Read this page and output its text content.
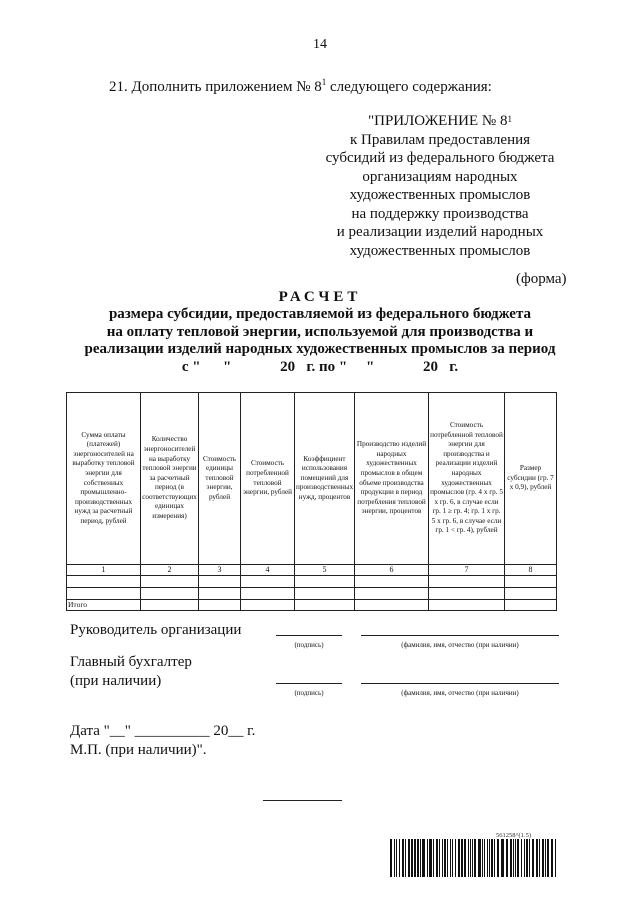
14
21. Дополнить приложением № $8^1$ следующего содержания:
"ПРИЛОЖЕНИЕ № $8^1$
к Правилам предоставления
субсидий из федерального бюджета
организациям народных
художественных промыслов
на поддержку производства
и реализации изделий народных
художественных промыслов
(форма)
РАСЧЕТ
размера субсидии, предоставляемой из федерального бюджета
на оплату тепловой энергии, используемой для производства и
реализации изделий народных художественных промыслов за период
с "      "             20   г. по "     "             20   г.
Сумма оплаты (платежей) энергоносителей на выработку тепловой энергии для собственных промышленно-производственных нужд за расчетный период, рублей	Количество энергоносителей на выработку тепловой энергии за расчетный период (в соответствующих единицах измерения)	Стоимость единицы тепловой энергии, рублей	Стоимость потребленной тепловой энергии, рублей	Коэффициент использования помещений для производственных нужд, процентов	Производство изделий народных художественных промыслов в общем объеме производства продукции в период потребления тепловой энергии, процентов	Стоимость потребленной тепловой энергии для производства и реализации изделий народных художественных промыслов (гр. 4 х гр. 5 х гр. 6, в случае если гр. 1 ≥ гр. 4; гр. 1 х гр. 5 х гр. 6, в случае если гр. 1 < гр. 4), рублей	Размер субсидии (гр. 7 х 0,9), рублей
1	2	3	4	5	6	7	8

Итого							
Руководитель организации
(подпись)	(фамилия, имя, отчество (при наличии)
Главный бухгалтер
(при наличии)
(подпись)	(фамилия, имя, отчество (при наличии)
Дата "__" __________ 20__ г.
М.П. (при наличии)".
561258^(1.5)
